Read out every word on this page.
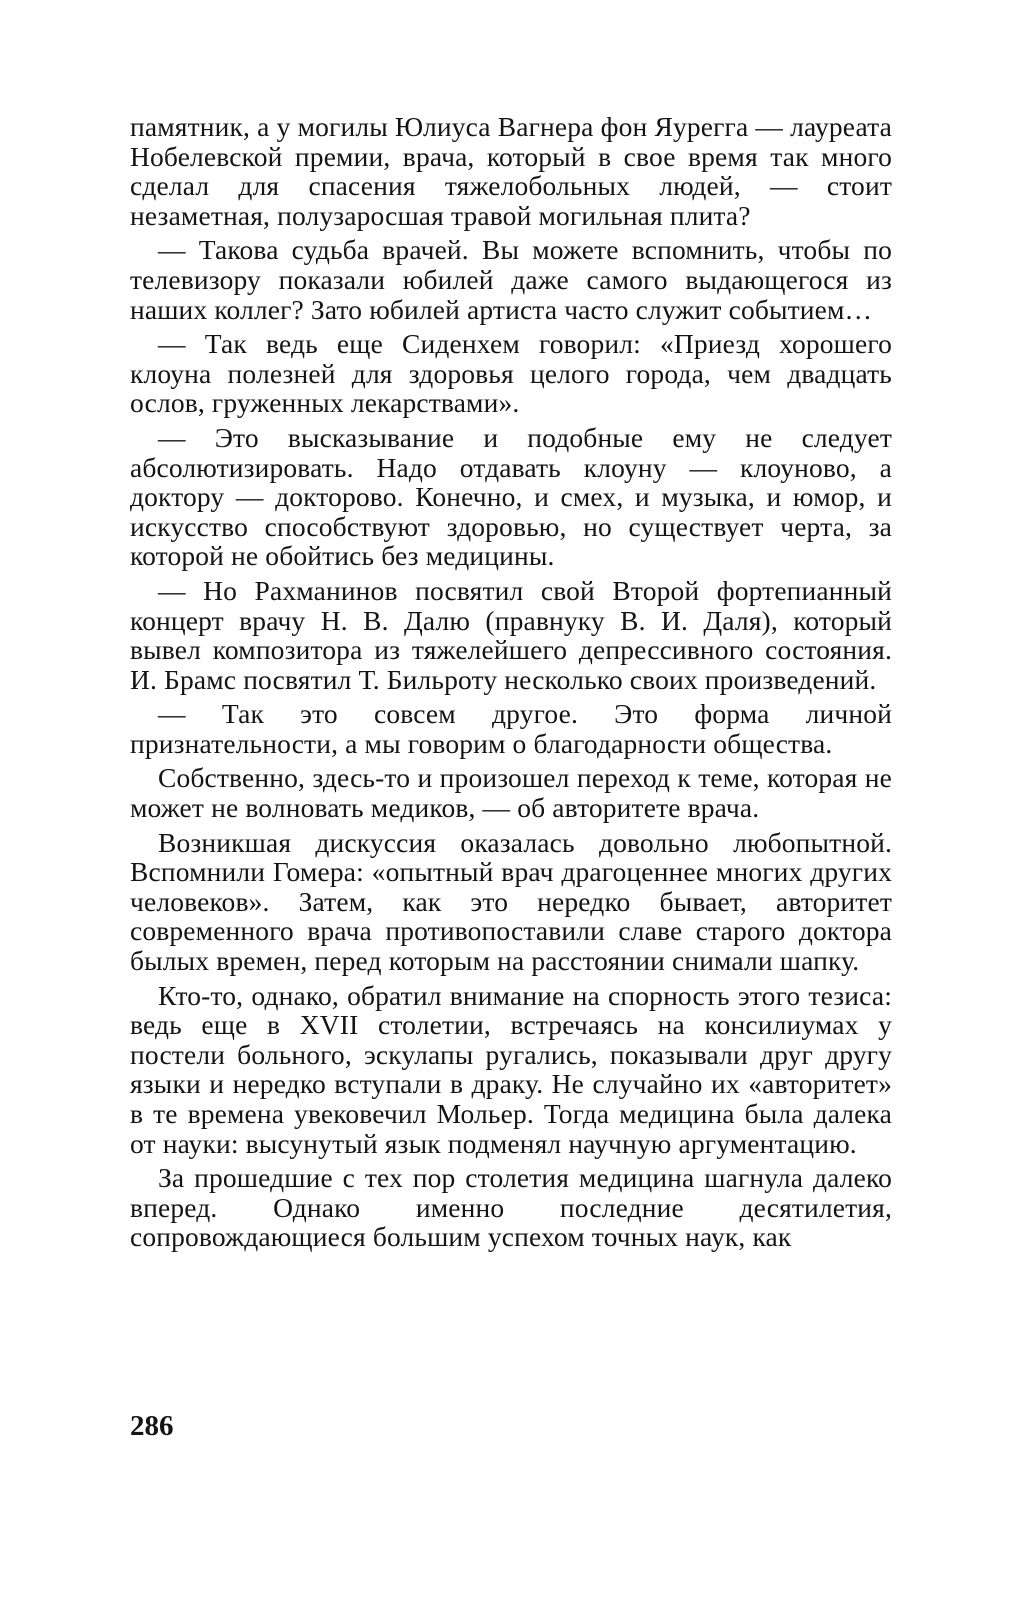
памятник, а у могилы Юлиуса Вагнера фон Яурегга — лауреата Нобелевской премии, врача, который в свое время так много сделал для спасения тяжелобольных людей, — стоит незаметная, полузаросшая травой могильная плита?

— Такова судьба врачей. Вы можете вспомнить, чтобы по телевизору показали юбилей даже самого выдающегося из наших коллег? Зато юбилей артиста часто служит событием…

— Так ведь еще Сиденхем говорил: «Приезд хорошего клоуна полезней для здоровья целого города, чем двадцать ослов, груженных лекарствами».

— Это высказывание и подобные ему не следует абсолютизировать. Надо отдавать клоуну — клоуново, а доктору — докторово. Конечно, и смех, и музыка, и юмор, и искусство способствуют здоровью, но существует черта, за которой не обойтись без медицины.

— Но Рахманинов посвятил свой Второй фортепианный концерт врачу Н. В. Далю (правнуку В. И. Даля), который вывел композитора из тяжелейшего депрессивного состояния. И. Брамс посвятил Т. Бильроту несколько своих произведений.

— Так это совсем другое. Это форма личной признательности, а мы говорим о благодарности общества.

Собственно, здесь-то и произошел переход к теме, которая не может не волновать медиков, — об авторитете врача.

Возникшая дискуссия оказалась довольно любопытной. Вспомнили Гомера: «опытный врач драгоценнее многих других человеков». Затем, как это нередко бывает, авторитет современного врача противопоставили славе старого доктора былых времен, перед которым на расстоянии снимали шапку.

Кто-то, однако, обратил внимание на спорность этого тезиса: ведь еще в XVII столетии, встречаясь на консилиумах у постели больного, эскулапы ругались, показывали друг другу языки и нередко вступали в драку. Не случайно их «авторитет» в те времена увековечил Мольер. Тогда медицина была далека от науки: высунутый язык подменял научную аргументацию.

За прошедшие с тех пор столетия медицина шагнула далеко вперед. Однако именно последние десятилетия, сопровождающиеся большим успехом точных наук, как

286
